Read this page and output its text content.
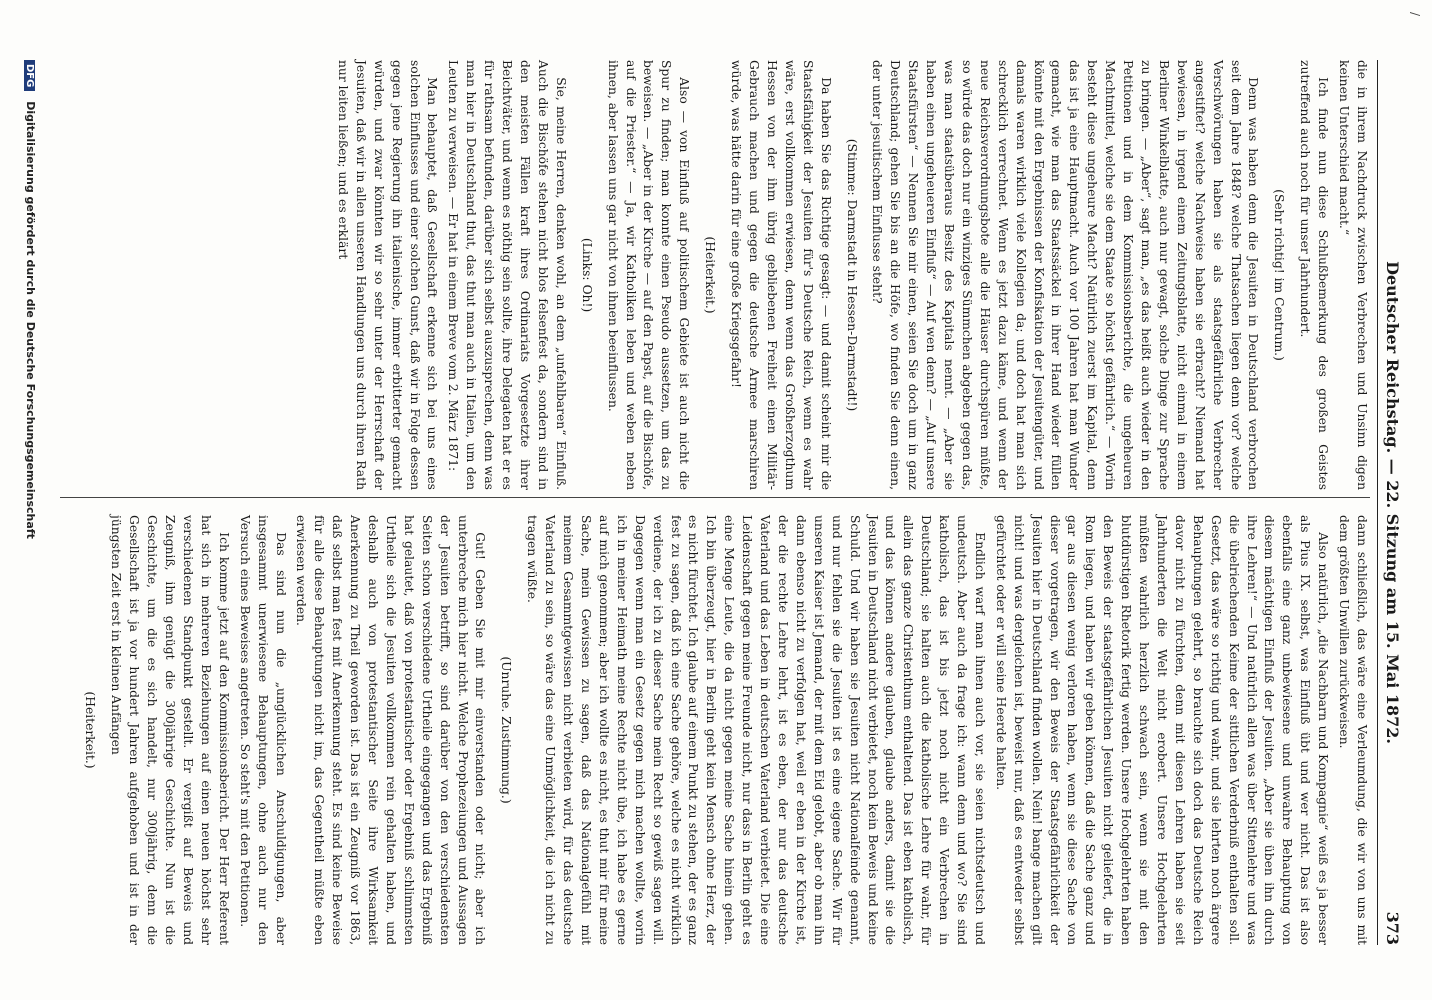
/
Deutscher Reichstag. — 22. Sitzung am 15. Mai 1872.
373

die in ihrem Nachdruck zwischen Verbrechen und Unsinn digen keinen Unterschied macht.“

Ich finde nun diese Schlußbemerkung des großen Geistes zutreffend auch noch für unser Jahrhundert.

(Sehr richtig! im Centrum.)

Denn was haben denn die Jesuiten in Deutschland verbrochen seit dem Jahre 1848? welche Thatsachen liegen denn vor? welche Verschwörungen haben sie als staatsgefährliche Verbrecher angestiftet? welche Nachweise haben sie erbracht? Niemand hat bewiesen, in irgend einem Zeitungsblatte, nicht einmal in einem Berliner Winkelblatte, auch nur gewagt, solche Dinge zur Sprache zu bringen. — „Aber“, sagt man, „es das heißt auch wieder in den Petitionen und in dem Kommissionsberichte, die ungeheuren Machtmittel, welche sie dem Staate so höchst gefährlich.“ — Worin besteht diese ungeheure Macht? Natürlich zuerst im Kapital, denn das ist ja eine Hauptmacht. Auch vor 100 Jahren hat man Wunder gemacht, wie man das Staatssäckel in ihrer Hand wieder füllen könnte mit den Ergebnissen der Konfiskation der Jesuitengüter, und damals waren wirklich viele Kollegien da; und doch hat man sich schrecklich verrechnet. Wenn es jetzt dazu käme, und wenn der neue Reichsverordnungsbote alle die Häuser durchspüren müßte, so würde das doch nur ein winziges Sümmchen abgeben gegen das, was man staatsüberaus Besitz des Kapitals nennt. — „Aber sie haben einen ungeheueren Einfluß“ — Auf wen denn? — „Auf unsere Staatsfürsten“ — Nennen Sie mir einen, seien Sie doch um in ganz Deutschland; gehen Sie bis an die Höfe, wo finden Sie denn einen, der unter jesuitischem Einflusse steht?

(Stimme: Darmstadt in Hessen-Darmstadt!)

Da haben Sie das Richtige gesagt: — und damit scheint mir die Staatsfähigkeit der Jesuiten für's Deutsche Reich, wenn es wahr wäre, erst vollkommen erwiesen, denn wenn das Großherzogthum Hessen von der ihm übrig gebliebenen Freiheit einen Militär-Gebrauch machen und gegen die deutsche Armee marschiren würde, was hätte darin für eine große Kriegsgefahr!

(Heiterkeit.)

Also — von Einfluß auf politischem Gebiete ist auch nicht die Spur zu finden; man konnte einen Pseudo aussetzen, um das zu beweisen. — „Aber in der Kirche — auf den Papst, auf die Bischöfe, auf die Priester.“ — Ja, wir Katholiken leben und weben neben ihnen, aber lassen uns gar nicht von ihnen beeinflussen.

(Links: Oh!)

Sie, meine Herren, denken wohl, an dem „unfehlbaren“ Einfluß. Auch die Bischöfe stehen nicht blos felsenfest da, sondern sind in den meisten Fällen kraft ihres Ordinariats Vorgesetzte ihrer Beichtväter, und wenn es nöthig sein sollte, ihre Delegaten hat er es für rathsam befunden, darüber sich selbst auszusprechen, denn was man hier in Deutschland thut, das thut man auch in Italien, um den Leuten zu verweisen. — Er hat in einem Breve vom 2. März 1871:

Man behauptet, daß Gesellschaft erkenne sich bei uns eines solchen Einflusses und einer solchen Gunst, daß wir in Folge dessen gegen jene Regierung ihn italienische, immer erbitterter gemacht würden, und zwar könnten wir so sehr unter der Herrschaft der Jesuiten, daß wir in allen unseren Handlungen uns durch ihren Rath nur leiten ließen; und es erklärt

dann schließlich, das wäre eine Verleumdung, die wir von uns mit dem größten Unwillen zurückweisen.

Also natürlich, „die Nachbarn und Kompagnie“ weiß es ja besser als Pius IX. selbst, was Einfluß übt und wer nicht. Das ist also ebenfalls eine ganz unbewiesene und unwahre Behauptung von diesem mächtigen Einfluß der Jesuiten. „Aber sie üben ihn durch ihre Lehren!“ — Und natürlich allen was über Sittenlehre und was die übelriechenden Keime der sittlichen Verderbniß enthalten soll. Gesetzt, das wäre so richtig und wahr, und sie lehrten noch ärgere Behauptungen gelehrt, so brauchte sich doch das Deutsche Reich davor nicht zu fürchten, denn mit diesen Lehren haben sie seit Jahrhunderten die Welt nicht erobert. Unsere Hochgelehrten müßten wahrlich herzlich schwach sein, wenn sie mit den blutdürstigen Rhetorik fertig werden. Unsere Hochgelehrten haben den Beweis der staatsgefährlichen Jesuiten nicht geliefert, die in Rom liegen, und haben wir geben können, daß die Sache ganz und gar aus diesen wenig verloren haben, wenn sie diese Sache von dieser vorgetragen, wir den Beweis der Staatsgefährlichkeit der Jesuiten hier in Deutschland finden wollen. Nein! bange machen gilt nicht! und was dergleichen ist, beweist nur, daß es entweder selbst gefürchtet oder er will seine Heerde halten.

Endlich warf man ihnen auch vor, sie seien nichtsdeutsch und undeutsch. Aber auch da frage ich: wann denn und wo? Sie sind katholisch, das ist bis jetzt noch nicht ein Verbrechen in Deutschland; sie halten auch die katholische Lehre für wahr, für allein das ganze Christenthum enthaltend. Das ist eben katholisch, und das können andere glauben, glaube anders, damit sie die Jesuiten in Deutschland nicht verbietet, noch kein Beweis und keine Schuld. Und wir haben sie Jesuiten nicht Nationalfeinde genannt, und nur fehlen sie die Jesuiten ist es eine eigene Sache. Wir für unseren Kaiser ist Jemand, der mit dem Eid gelobt, aber ob man ihn dann ebenso nicht zu verfolgen hat, weil er eben in der Kirche ist, der die rechte Lehre lehrt, ist es eben, der nur das deutsche Vaterland und das Leben in deutschen Vaterland verbietet. Die eine Leidenschaft gegen meine Freunde nicht, nur dass in Berlin geht es eine Menge Leute, die da nicht gegen meine Sache hinein gehen. Ich bin überzeugt, hier in Berlin geht kein Mensch ohne Herz, der es nicht fürchtet. Ich glaube auf einem Punkt zu stehen, der es ganz fest zu sagen, daß ich eine Sache gehöre, welche es nicht wirklich verdiene, der ich zu dieser Sache mein Recht so gewiß sagen will. Dagegen wenn man ein Gesetz gegen mich machen wollte, worin ich in meiner Heimath meine Rechte nicht übe, ich habe es gerne auf mich genommen; aber ich wollte es nicht, es thut mir für meine Sache, mein Gewissen zu sagen, daß das Nationalgefühl mit meinem Gesammtgewissen nicht verbieten wird, für das deutsche Vaterland zu sein, so wäre das eine Unmöglichkeit, die ich nicht zu tragen wüßte.

(Unruhe. Zustimmung.)

Gut! Geben Sie mit mir einverstanden oder nicht; aber ich unterbreche mich hier nicht. Welche Prophezeiungen und Aussagen der Jesuiten betrifft, so sind darüber von den verschiedensten Seiten schon verschiedene Urtheile eingegangen und das Ergebniß hat gelautet, daß von protestantischer oder Ergebniß schlimmsten Urtheile sich die Jesuiten vollkommen rein gehalten haben, und deshalb auch von protestantischer Seite ihre Wirksamkeit Anerkennung zu Theil geworden ist. Das ist ein Zeugniß vor 1863, daß selbst man fest mit Anerkennung steht. Es sind keine Beweise für alle diese Behauptungen nicht im, das Gegentheil müßte eben erwiesen werden.

Das sind nun die „unglücklichen Anschuldigungen, aber insgesammt unerwiesene Behauptungen, ohne auch nur den Versuch eines Beweises angetreten. So steht's mit den Petitionen.

Ich komme jetzt auf den Kommissionsbericht. Der Herr Referent hat sich in mehreren Beziehungen auf einen neuen höchst sehr verschiedenen Standpunkt gestellt. Er vergißt auf Beweis und Zeugniß, ihm genügt die 300jährige Geschichte. Nun ist die Geschichte, um die es sich handelt, nur 300jährig, denn die Gesellschaft ist ja vor hundert Jahren aufgehoben und ist in der jüngsten Zeit erst in kleinen Anfängen

(Heiterkeit.)

DFG Digitalisierung gefördert durch die Deutsche Forschungsgemeinschaft
